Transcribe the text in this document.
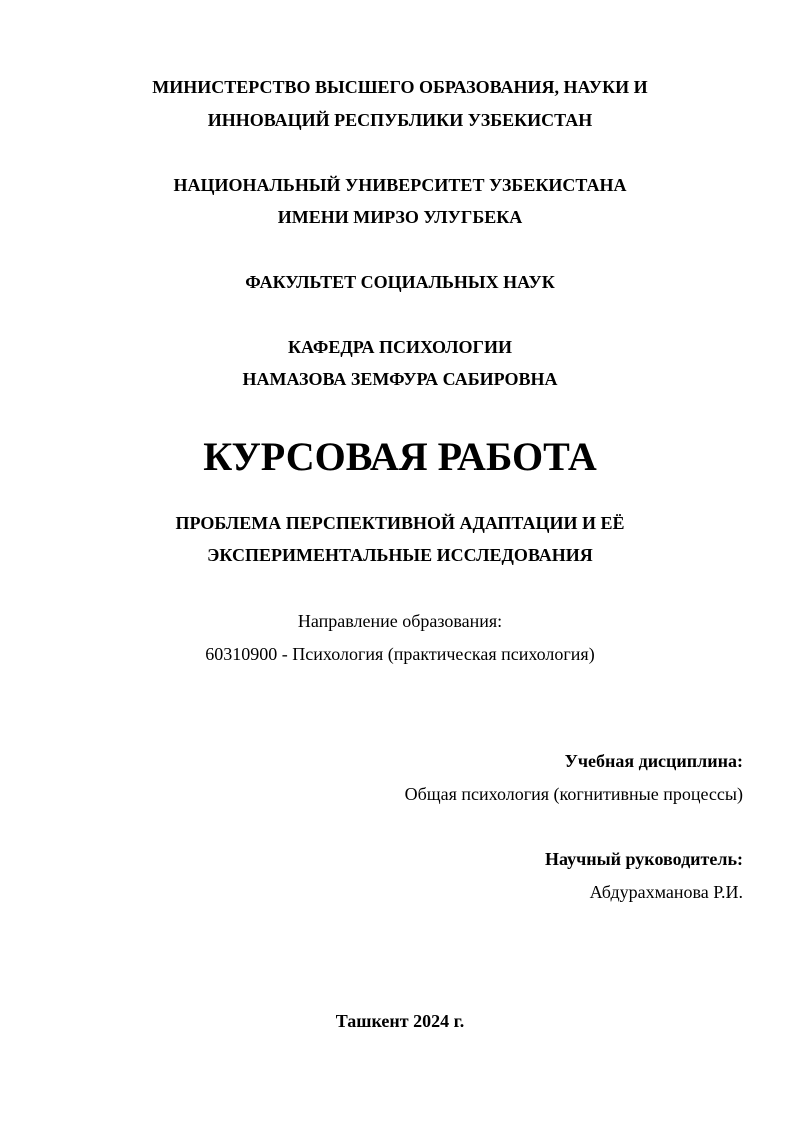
МИНИСТЕРСТВО ВЫСШЕГО ОБРАЗОВАНИЯ, НАУКИ И
ИННОВАЦИЙ РЕСПУБЛИКИ УЗБЕКИСТАН
НАЦИОНАЛЬНЫЙ УНИВЕРСИТЕТ УЗБЕКИСТАНА
ИМЕНИ МИРЗО УЛУГБЕКА
ФАКУЛЬТЕТ СОЦИАЛЬНЫХ НАУК
КАФЕДРА ПСИХОЛОГИИ
НАМАЗОВА ЗЕМФУРА САБИРОВНА
КУРСОВАЯ РАБОТА
ПРОБЛЕМА ПЕРСПЕКТИВНОЙ АДАПТАЦИИ И ЕЁ
ЭКСПЕРИМЕНТАЛЬНЫЕ ИССЛЕДОВАНИЯ
Направление образования:
60310900 - Психология (практическая психология)
Учебная дисциплина:
Общая психология (когнитивные процессы)
Научный руководитель:
Абдурахманова Р.И.
Ташкент 2024 г.
